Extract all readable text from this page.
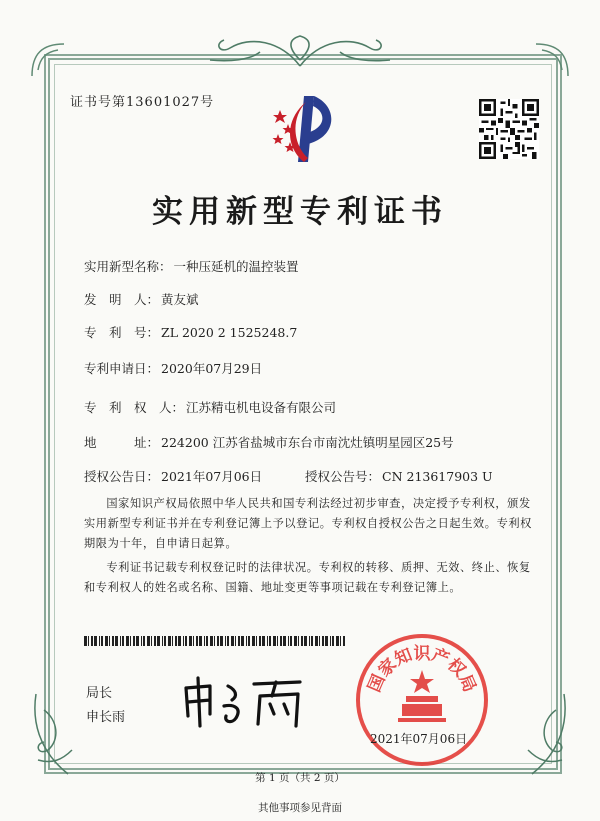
证书号第13601027号
实用新型专利证书
实用新型名称： 一种压延机的温控装置
发　明　人： 黄友斌
专　利　号： ZL 2020 2 1525248.7
专利申请日： 2020年07月29日
专　利　权　人： 江苏精屯机电设备有限公司
地　　　址： 224200 江苏省盐城市东台市南沈灶镇明星园区25号
授权公告日： 2021年07月06日	授权公告号： CN 213617903 U
国家知识产权局依照中华人民共和国专利法经过初步审查，决定授予专利权，颁发实用新型专利证书并在专利登记簿上予以登记。专利权自授权公告之日起生效。专利权期限为十年，自申请日起算。
专利证书记载专利权登记时的法律状况。专利权的转移、质押、无效、终止、恢复和专利权人的姓名或名称、国籍、地址变更等事项记载在专利登记簿上。
局长
申长雨
国家知识产权局
2021年07月06日
第 1 页（共 2 页）
其他事项参见背面
